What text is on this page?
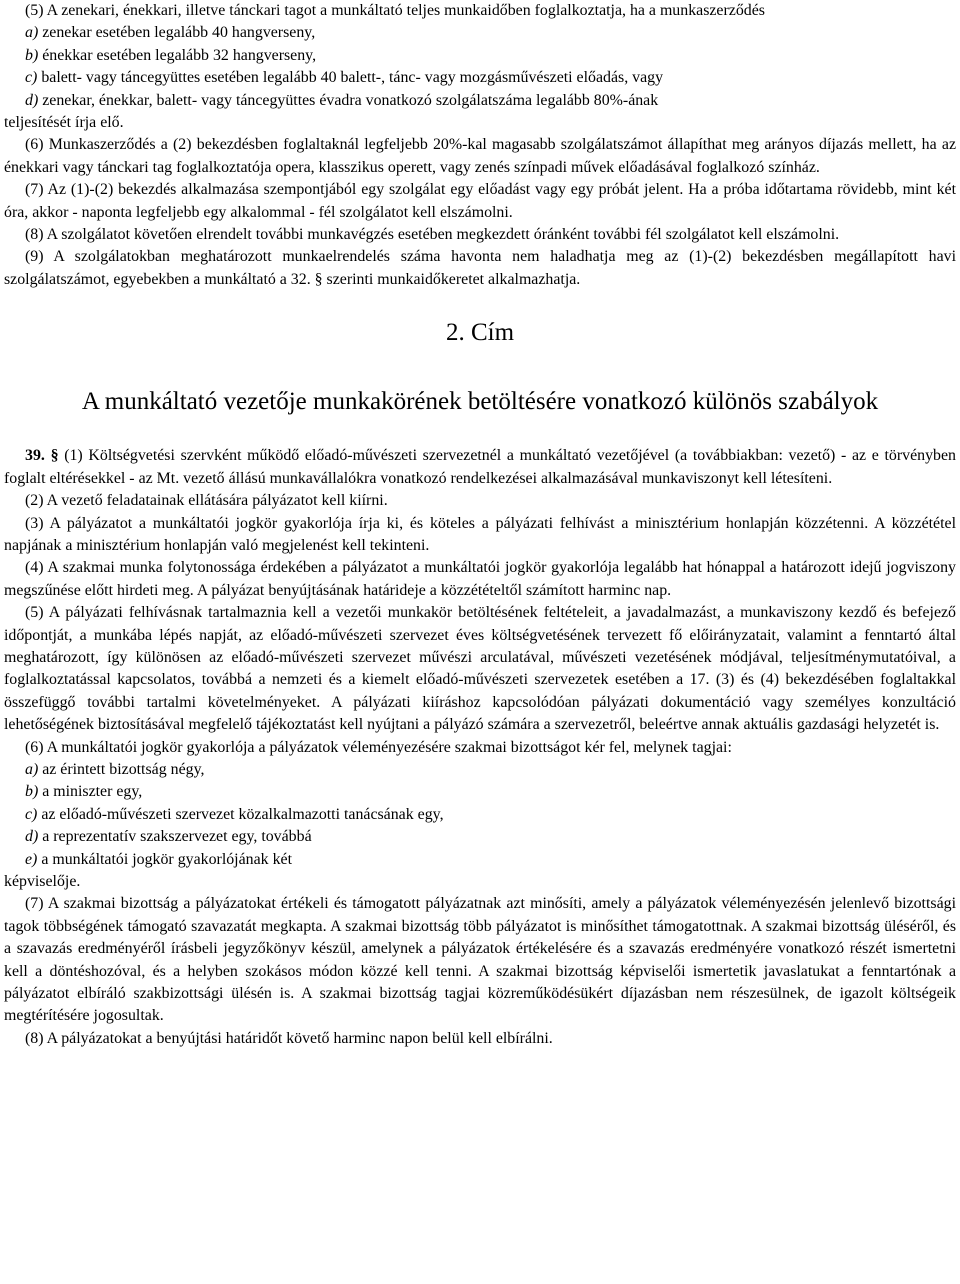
(5) A zenekari, énekkari, illetve tánckari tagot a munkáltató teljes munkaidőben foglalkoztatja, ha a munkaszerződés

a) zenekar esetében legalább 40 hangverseny,

b) énekkar esetében legalább 32 hangverseny,

c) balett- vagy táncegyüttes esetében legalább 40 balett-, tánc- vagy mozgásművészeti előadás, vagy

d) zenekar, énekkar, balett- vagy táncegyüttes évadra vonatkozó szolgálatszáma legalább 80%-ának

teljesítését írja elő.

(6) Munkaszerződés a (2) bekezdésben foglaltaknál legfeljebb 20%-kal magasabb szolgálatszámot állapíthat meg arányos díjazás mellett, ha az énekkari vagy tánckari tag foglalkoztatója opera, klasszikus operett, vagy zenés színpadi művek előadásával foglalkozó színház.

(7) Az (1)-(2) bekezdés alkalmazása szempontjából egy szolgálat egy előadást vagy egy próbát jelent. Ha a próba időtartama rövidebb, mint két óra, akkor - naponta legfeljebb egy alkalommal - fél szolgálatot kell elszámolni.

(8) A szolgálatot követően elrendelt további munkavégzés esetében megkezdett óránként további fél szolgálatot kell elszámolni.

(9) A szolgálatokban meghatározott munkaelrendelés száma havonta nem haladhatja meg az (1)-(2) bekezdésben megállapított havi szolgálatszámot, egyebekben a munkáltató a 32. § szerinti munkaidőkeretet alkalmazhatja.

2. Cím
A munkáltató vezetője munkakörének betöltésére vonatkozó különös szabályok

39. § (1) Költségvetési szervként működő előadó-művészeti szervezetnél a munkáltató vezetőjével (a továbbiakban: vezető) - az e törvényben foglalt eltérésekkel - az Mt. vezető állású munkavállalókra vonatkozó rendelkezései alkalmazásával munkaviszonyt kell létesíteni.

(2) A vezető feladatainak ellátására pályázatot kell kiírni.

(3) A pályázatot a munkáltatói jogkör gyakorlója írja ki, és köteles a pályázati felhívást a minisztérium honlapján közzétenni. A közzététel napjának a minisztérium honlapján való megjelenést kell tekinteni.

(4) A szakmai munka folytonossága érdekében a pályázatot a munkáltatói jogkör gyakorlója legalább hat hónappal a határozott idejű jogviszony megszűnése előtt hirdeti meg. A pályázat benyújtásának határideje a közzétételtől számított harminc nap.

(5) A pályázati felhívásnak tartalmaznia kell a vezetői munkakör betöltésének feltételeit, a javadalmazást, a munkaviszony kezdő és befejező időpontját, a munkába lépés napját, az előadó-művészeti szervezet éves költségvetésének tervezett fő előirányzatait, valamint a fenntartó által meghatározott, így különösen az előadó-művészeti szervezet művészi arculatával, művészeti vezetésének módjával, teljesítménymutatóival, a foglalkoztatással kapcsolatos, továbbá a nemzeti és a kiemelt előadó-művészeti szervezetek esetében a 17. (3) és (4) bekezdésében foglaltakkal összefüggő további tartalmi követelményeket. A pályázati kiíráshoz kapcsolódóan pályázati dokumentáció vagy személyes konzultáció lehetőségének biztosításával megfelelő tájékoztatást kell nyújtani a pályázó számára a szervezetről, beleértve annak aktuális gazdasági helyzetét is.

(6) A munkáltatói jogkör gyakorlója a pályázatok véleményezésére szakmai bizottságot kér fel, melynek tagjai:

a) az érintett bizottság négy,

b) a miniszter egy,

c) az előadó-művészeti szervezet közalkalmazotti tanácsának egy,

d) a reprezentatív szakszervezet egy, továbbá

e) a munkáltatói jogkör gyakorlójának két

képviselője.

(7) A szakmai bizottság a pályázatokat értékeli és támogatott pályázatnak azt minősíti, amely a pályázatok véleményezésén jelenlevő bizottsági tagok többségének támogató szavazatát megkapta. A szakmai bizottság több pályázatot is minősíthet támogatottnak. A szakmai bizottság üléséről, és a szavazás eredményéről írásbeli jegyzőkönyv készül, amelynek a pályázatok értékelésére és a szavazás eredményére vonatkozó részét ismertetni kell a döntéshozóval, és a helyben szokásos módon közzé kell tenni. A szakmai bizottság képviselői ismertetik javaslatukat a fenntartónak a pályázatot elbíráló szakbizottsági ülésén is. A szakmai bizottság tagjai közreműködésükért díjazásban nem részesülnek, de igazolt költségeik megtérítésére jogosultak.

(8) A pályázatokat a benyújtási határidőt követő harminc napon belül kell elbírálni.
